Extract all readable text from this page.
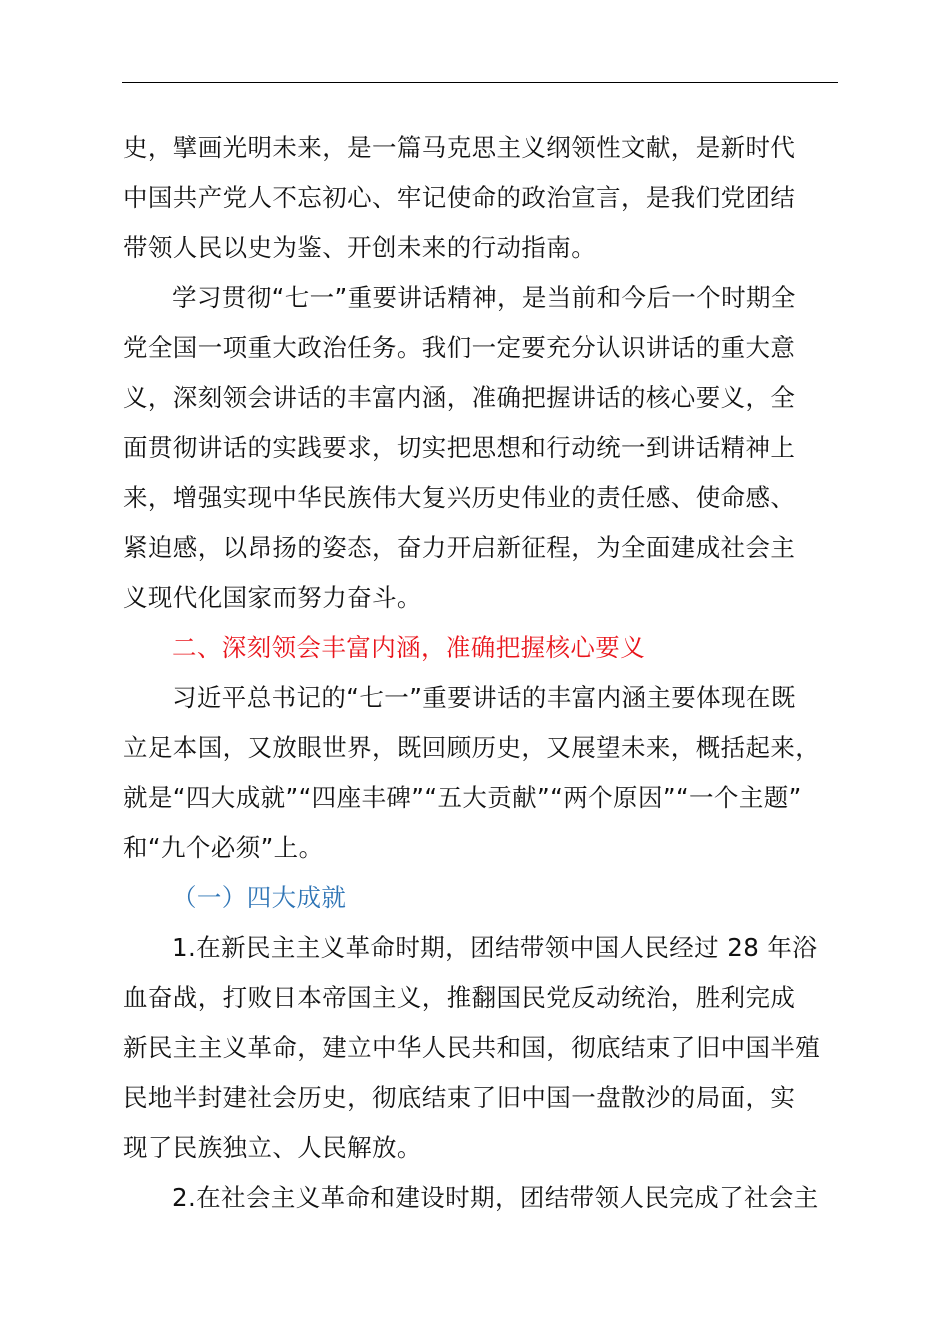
史，擘画光明未来，是一篇马克思主义纲领性文献，是新时代
中国共产党人不忘初心、牢记使命的政治宣言，是我们党团结
带领人民以史为鉴、开创未来的行动指南。
学习贯彻“七一”重要讲话精神，是当前和今后一个时期全
党全国一项重大政治任务。我们一定要充分认识讲话的重大意
义，深刻领会讲话的丰富内涵，准确把握讲话的核心要义，全
面贯彻讲话的实践要求，切实把思想和行动统一到讲话精神上
来，增强实现中华民族伟大复兴历史伟业的责任感、使命感、
紧迫感，以昂扬的姿态，奋力开启新征程，为全面建成社会主
义现代化国家而努力奋斗。
二、深刻领会丰富内涵，准确把握核心要义
习近平总书记的“七一”重要讲话的丰富内涵主要体现在既
立足本国，又放眼世界，既回顾历史，又展望未来，概括起来，
就是“四大成就”“四座丰碑”“五大贡献”“两个原因”“一个主题”
和“九个必须”上。
（一）四大成就
1.在新民主主义革命时期，团结带领中国人民经过 28 年浴
血奋战，打败日本帝国主义，推翻国民党反动统治，胜利完成
新民主主义革命，建立中华人民共和国，彻底结束了旧中国半殖
民地半封建社会历史，彻底结束了旧中国一盘散沙的局面，实
现了民族独立、人民解放。
2.在社会主义革命和建设时期，团结带领人民完成了社会主
